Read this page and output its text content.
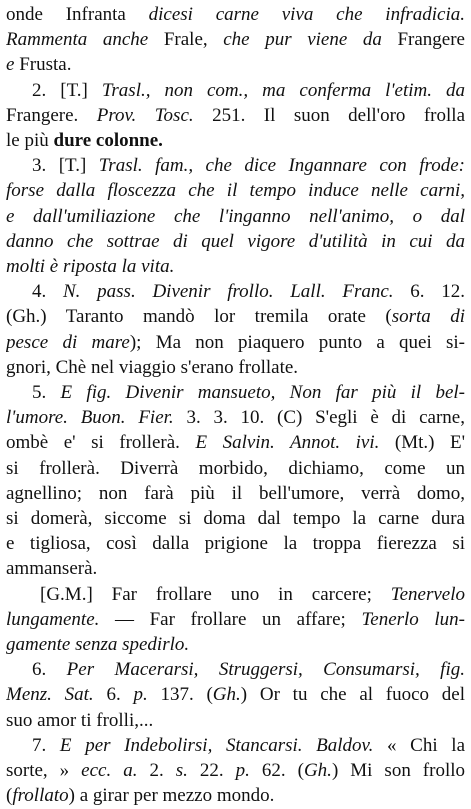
onde Infranta dicesi carne viva che infradicia.
Rammenta anche Frale, che pur viene da Frangere
e Frusta.
2. [T.] Trasl., non com., ma conferma l'etim. da
Frangere. Prov. Tosc. 251. Il suon dell'oro frolla
le più dure colonne.
3. [T.] Trasl. fam., che dice Ingannare con frode:
forse dalla floscezza che il tempo induce nelle carni,
e dall'umiliazione che l'inganno nell'animo, o dal
danno che sottrae di quel vigore d'utilità in cui da
molti è riposta la vita.
4. N. pass. Divenir frollo. Lall. Franc. 6. 12.
(Gh.) Taranto mandò lor tremila orate (sorta di
pesce di mare); Ma non piaquero punto a quei si-
gnori, Chè nel viaggio s'erano frollate.
5. E fig. Divenir mansueto, Non far più il bel-
l'umore. Buon. Fier. 3. 3. 10. (C) S'egli è di carne,
ombè e' si frollerà. E Salvin. Annot. ivi. (Mt.) E'
si frollerà. Diverrà morbido, dichiamo, come un
agnellino; non farà più il bell'umore, verrà domo,
si domerà, siccome si doma dal tempo la carne dura
e tigliosa, così dalla prigione la troppa fierezza si
ammanserà.
[G.M.] Far frollare uno in carcere; Tenervelo
lungamente. — Far frollare un affare; Tenerlo lun-
gamente senza spedirlo.
6. Per Macerarsi, Struggersi, Consumarsi, fig.
Menz. Sat. 6. p. 137. (Gh.) Or tu che al fuoco del
suo amor ti frolli,...
7. E per Indebolirsi, Stancarsi. Baldov. « Chi la
sorte, » ecc. a. 2. s. 22. p. 62. (Gh.) Mi son frollo
(frollato) a girar per mezzo mondo.
